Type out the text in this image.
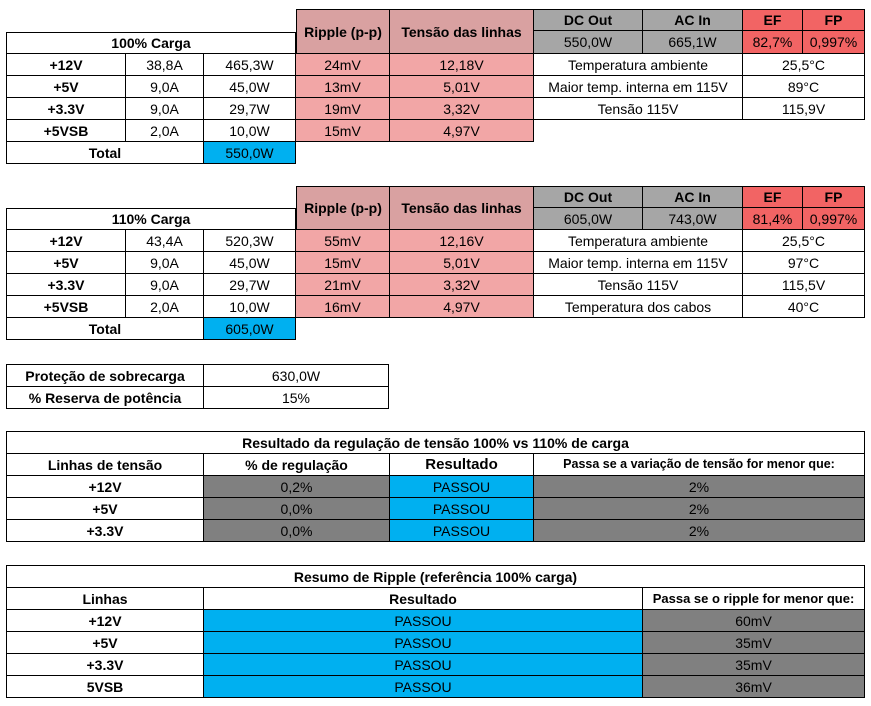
100% Carga
Ripple (p-p)	Tensão das linhas
DC Out	AC In	EF	FP
550,0W	665,1W	82,7%	0,997%
+12V	38,8A	465,3W	24mV	12,18V	Temperatura ambiente	25,5°C
+5V	9,0A	45,0W	13mV	5,01V	Maior temp. interna em 115V	89°C
+3.3V	9,0A	29,7W	19mV	3,32V	Tensão 115V	115,9V
+5VSB	2,0A	10,0W	15mV	4,97V
Total	550,0W
110% Carga
Ripple (p-p)	Tensão das linhas
DC Out	AC In	EF	FP
605,0W	743,0W	81,4%	0,997%
+12V	43,4A	520,3W	55mV	12,16V	Temperatura ambiente	25,5°C
+5V	9,0A	45,0W	15mV	5,01V	Maior temp. interna em 115V	97°C
+3.3V	9,0A	29,7W	21mV	3,32V	Tensão 115V	115,5V
+5VSB	2,0A	10,0W	16mV	4,97V	Temperatura dos cabos	40°C
Total	605,0W
Proteção de sobrecarga	630,0W
% Reserva de potência	15%
Resultado da regulação de tensão 100% vs 110% de carga
Linhas de tensão	% de regulação	Resultado	Passa se a variação de tensão for menor que:
+12V	0,2%	PASSOU	2%
+5V	0,0%	PASSOU	2%
+3.3V	0,0%	PASSOU	2%
Resumo de Ripple (referência 100% carga)
Linhas	Resultado	Passa se o ripple for menor que:
+12V	PASSOU	60mV
+5V	PASSOU	35mV
+3.3V	PASSOU	35mV
5VSB	PASSOU	36mV
